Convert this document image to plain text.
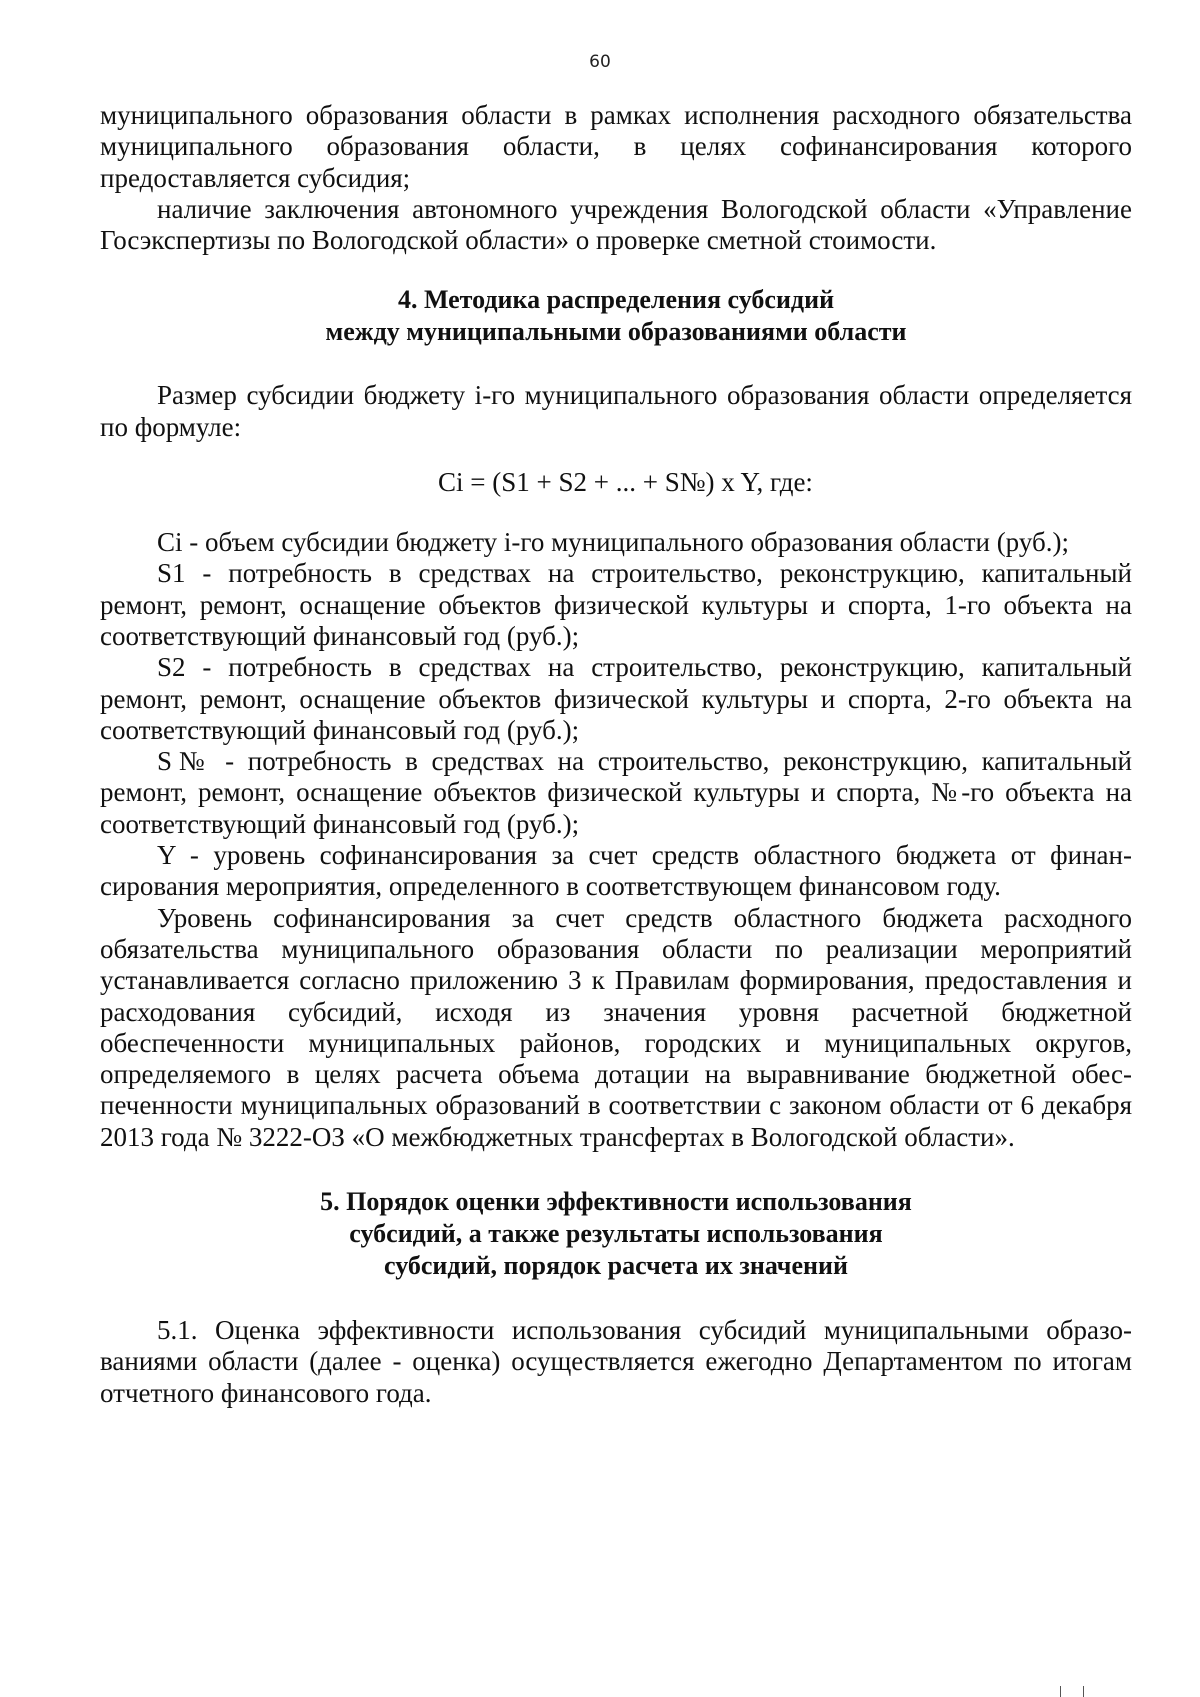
60

муниципального образования области в рамках исполнения расходного обязательства муниципального образования области, в целях софинансирования которого предоставляется субсидия;

наличие заключения автономного учреждения Вологодской области «Управление Госэкспертизы по Вологодской области» о проверке сметной стоимости.

4. Методика распределения субсидий
между муниципальными образованиями области

Размер субсидии бюджету i-го муниципального образования области определяется по формуле:

Ci = (S1 + S2 + ... + S№) x Y, где:

Ci - объем субсидии бюджету i-го муниципального образования области (руб.);

S1 - потребность в средствах на строительство, реконструкцию, капитальный ремонт, ремонт, оснащение объектов физической культуры и спорта, 1-го объекта на соответствующий финансовый год (руб.);

S2 - потребность в средствах на строительство, реконструкцию, капитальный ремонт, ремонт, оснащение объектов физической культуры и спорта, 2-го объекта на соответствующий финансовый год (руб.);

S№ - потребность в средствах на строительство, реконструкцию, капитальный ремонт, ремонт, оснащение объектов физической культуры и спорта, №-го объекта на соответствующий финансовый год (руб.);

Y - уровень софинансирования за счет средств областного бюджета от финансирования мероприятия, определенного в соответствующем финансовом году.

Уровень софинансирования за счет средств областного бюджета расходного обязательства муниципального образования области по реализации мероприятий устанавливается согласно приложению 3 к Правилам формирования, предоставления и расходования субсидий, исходя из значения уровня расчетной бюджетной обеспеченности муниципальных районов, городских и муниципальных округов, определяемого в целях расчета объема дотации на выравнивание бюджетной обеспеченности муниципальных образований в соответствии с законом области от 6 декабря 2013 года № 3222-ОЗ «О межбюджетных трансфертах в Вологодской области».

5. Порядок оценки эффективности использования
субсидий, а также результаты использования
субсидий, порядок расчета их значений

5.1. Оценка эффективности использования субсидий муниципальными образованиями области (далее - оценка) осуществляется ежегодно Департаментом по итогам отчетного финансового года.
